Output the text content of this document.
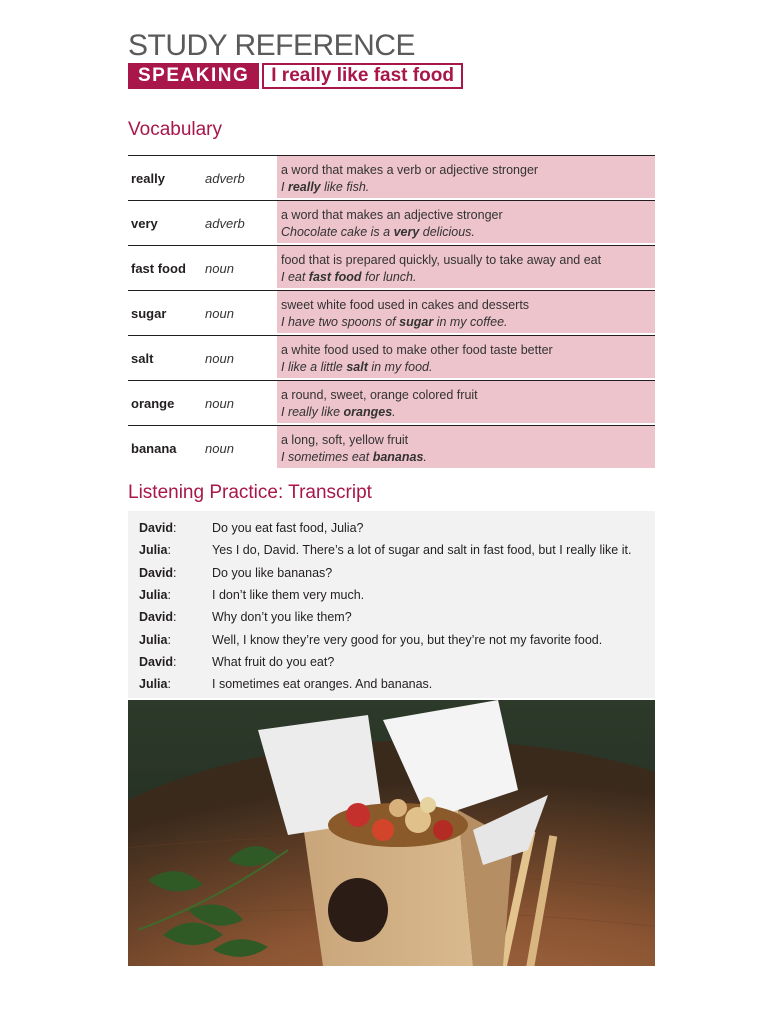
STUDY REFERENCE
SPEAKING	I really like fast food
Vocabulary
really	adverb
a word that makes a verb or adjective stronger
I really like fish.
very	adverb
a word that makes an adjective stronger
Chocolate cake is a very delicious.
fast food	noun
food that is prepared quickly, usually to take away and eat
I eat fast food for lunch.
sugar	noun
sweet white food used in cakes and desserts
I have two spoons of sugar in my coffee.
salt	noun
a white food used to make other food taste better
I like a little salt in my food.
orange	noun
a round, sweet, orange colored fruit
I really like oranges.
banana	noun
a long, soft, yellow fruit
I sometimes eat bananas.
Listening Practice: Transcript
David:	Do you eat fast food, Julia?
Julia:	Yes I do, David. There’s a lot of sugar and salt in fast food, but I really like it.
David:	Do you like bananas?
Julia:	I don’t like them very much.
David:	Why don’t you like them?
Julia:	Well, I know they’re very good for you, but they’re not my favorite food.
David:	What fruit do you eat?
Julia:	I sometimes eat oranges. And bananas.
